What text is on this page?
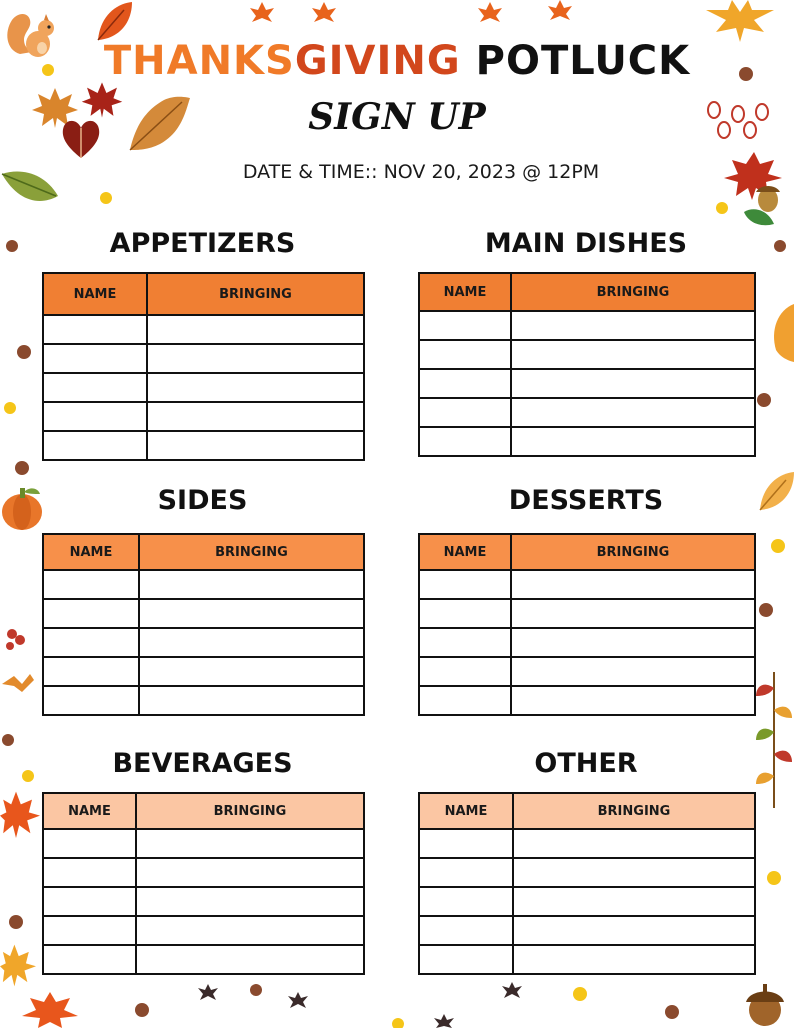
THANKSGIVING POTLUCK
SIGN UP
DATE & TIME:: NOV 20, 2023 @ 12PM
APPETIZERS
NAME	BRINGING

MAIN DISHES
NAME	BRINGING

SIDES
NAME	BRINGING

DESSERTS
NAME	BRINGING

BEVERAGES
NAME	BRINGING

OTHER
NAME	BRINGING
